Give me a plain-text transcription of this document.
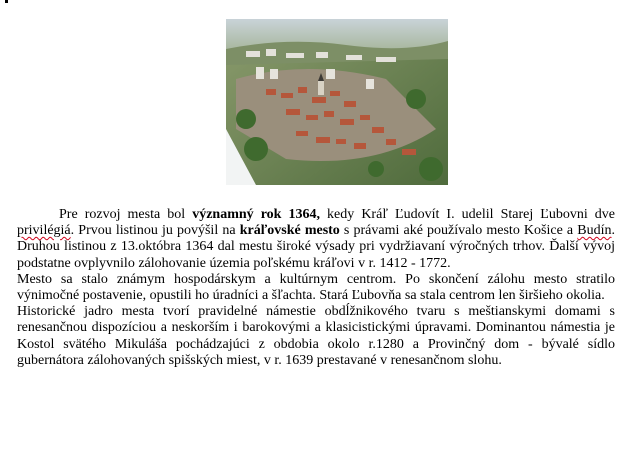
Pre rozvoj mesta bol významný rok 1364, kedy Kráľ Ľudovít I. udelil Starej Ľubovni dve privilégiá. Prvou listinou ju povýšil na kráľovské mesto s právami aké používalo mesto Košice a Budín. Druhou listinou z 13.októbra 1364 dal mestu široké výsady pri vydržiavaní výročných trhov. Ďalší vývoj podstatne ovplyvnilo zálohovanie územia poľskému kráľovi v r. 1412 - 1772.

Mesto sa stalo známym hospodárskym a kultúrnym centrom. Po skončení zálohu mesto stratilo výnimočné postavenie, opustili ho úradníci a šľachta. Stará Ľubovňa sa stala centrom len širšieho okolia.

Historické jadro mesta tvorí pravidelné námestie obdĺžnikového tvaru s meštianskymi domami s renesančnou dispozíciou a neskorším i barokovými a klasicistickými úpravami. Dominantou námestia je Kostol svätého Mikuláša pochádzajúci z obdobia okolo r.1280 a Provinčný dom - bývalé sídlo gubernátora zálohovaných spišských miest, v r. 1639 prestavané v renesančnom slohu.
